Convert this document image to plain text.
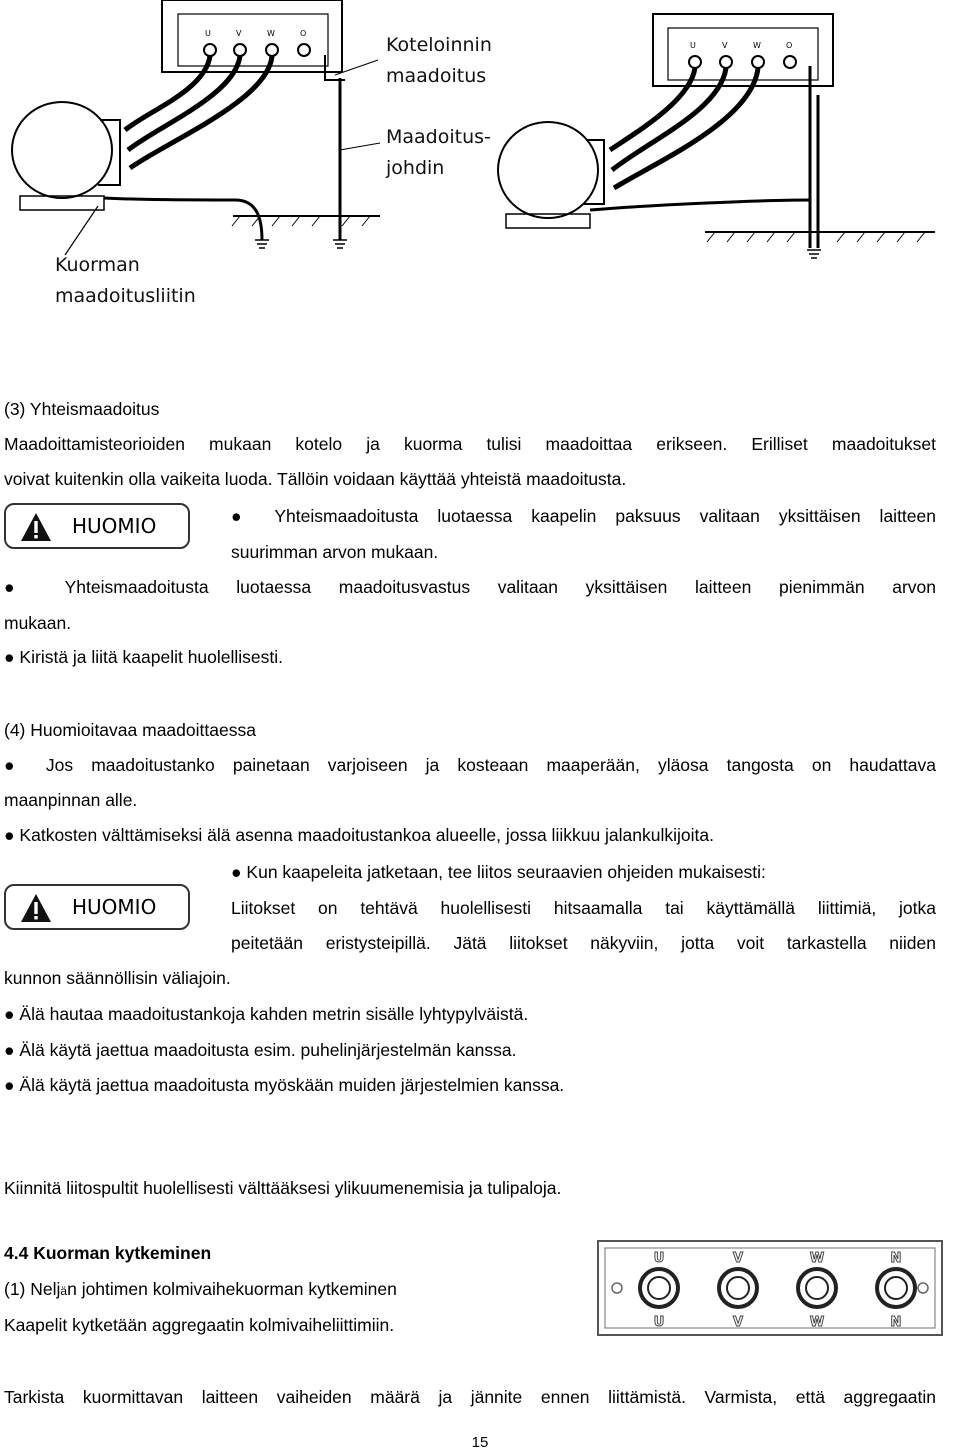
U	V	W	O
U	V	W	O
Koteloinnin
maadoitus
Maadoitus-
johdin
Kuorman
maadoitusliitin
(3) Yhteismaadoitus
Maadoittamisteorioiden mukaan kotelo ja kuorma tulisi maadoittaa erikseen. Erilliset maadoitukset
voivat kuitenkin olla vaikeita luoda. Tällöin voidaan käyttää yhteistä maadoitusta.
HUOMIO	● Yhteismaadoitusta luotaessa kaapelin paksuus valitaan yksittäisen laitteen
suurimman arvon mukaan.
● Yhteismaadoitusta luotaessa maadoitusvastus valitaan yksittäisen laitteen pienimmän arvon
mukaan.
● Kiristä ja liitä kaapelit huolellisesti.
(4) Huomioitavaa maadoittaessa
● Jos maadoitustanko painetaan varjoiseen ja kosteaan maaperään, yläosa tangosta on haudattava
maanpinnan alle.
● Katkosten välttämiseksi älä asenna maadoitustankoa alueelle, jossa liikkuu jalankulkijoita.
HUOMIO
● Kun kaapeleita jatketaan, tee liitos seuraavien ohjeiden mukaisesti:
Liitokset on tehtävä huolellisesti hitsaamalla tai käyttämällä liittimiä, jotka
peitetään eristysteipillä. Jätä liitokset näkyviin, jotta voit tarkastella niiden
kunnon säännöllisin väliajoin.
● Älä hautaa maadoitustankoja kahden metrin sisälle lyhtypylväistä.
● Älä käytä jaettua maadoitusta esim. puhelinjärjestelmän kanssa.
● Älä käytä jaettua maadoitusta myöskään muiden järjestelmien kanssa.
Kiinnitä liitospultit huolellisesti välttääksesi ylikuumenemisia ja tulipaloja.
4.4 Kuorman kytkeminen
(1) Neljän johtimen kolmivaihekuorman kytkeminen
Kaapelit kytketään aggregaatin kolmivaiheliittimiin.
U	V	W	N
U	V	W	N
Tarkista kuormittavan laitteen vaiheiden määrä ja jännite ennen liittämistä. Varmista, että aggregaatin
15
